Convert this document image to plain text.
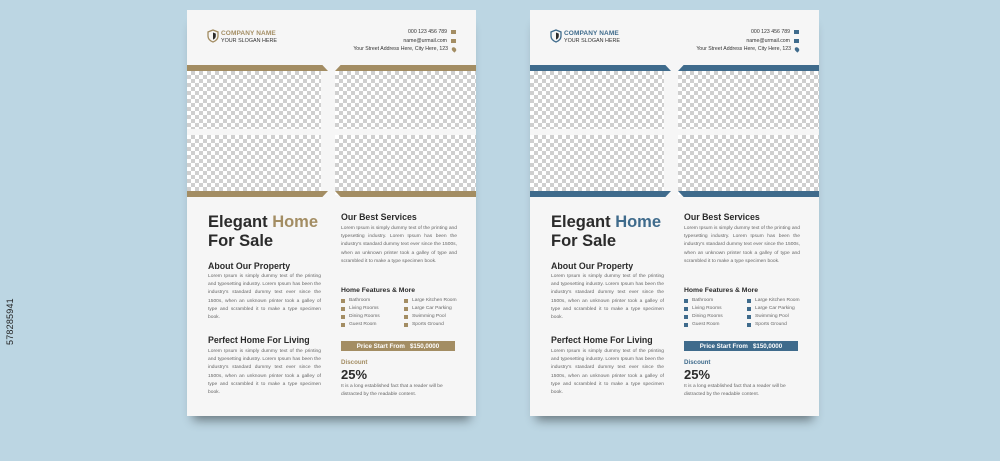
578285941
COMPANY NAME
YOUR SLOGAN HERE
000 123 456 789
name@urmail.com
Your Street Address Here, City Here, 123
Elegant Home
For Sale
About Our Property
Lorem Ipsum is simply dummy text of the printing and typesetting industry. Lorem Ipsum has been the industry's standard dummy text ever since the 1500s, when an unknown printer took a galley of type and scrambled it to make a type specimen book.
Perfect Home For Living
Lorem Ipsum is simply dummy text of the printing and typesetting industry. Lorem Ipsum has been the industry's standard dummy text ever since the 1500s, when an unknown printer took a galley of type and scrambled it to make a type specimen book.
Our Best Services
Lorem Ipsum is simply dummy text of the printing and typesetting industry. Lorem Ipsum has been the industry's standard dummy text ever since the 1500s, when an unknown printer took a galley of type and scrambled it to make a type specimen book.
Home Features & More
Bathroom
Living Rooms
Dining Rooms
Guest Room
Large Kitchen Room
Large Car Parking
Swimming Pool
Sports Ground
Price Start From $150,0000
Discount
25%
It is a long established fact that a reader will be distracted by the readable content.
COMPANY NAME
YOUR SLOGAN HERE
000 123 456 789
name@urmail.com
Your Street Address Here, City Here, 123
Elegant Home
For Sale
About Our Property
Lorem Ipsum is simply dummy text of the printing and typesetting industry. Lorem Ipsum has been the industry's standard dummy text ever since the 1500s, when an unknown printer took a galley of type and scrambled it to make a type specimen book.
Perfect Home For Living
Lorem Ipsum is simply dummy text of the printing and typesetting industry. Lorem Ipsum has been the industry's standard dummy text ever since the 1500s, when an unknown printer took a galley of type and scrambled it to make a type specimen book.
Our Best Services
Lorem Ipsum is simply dummy text of the printing and typesetting industry. Lorem Ipsum has been the industry's standard dummy text ever since the 1500s, when an unknown printer took a galley of type and scrambled it to make a type specimen book.
Home Features & More
Bathroom
Living Rooms
Dining Rooms
Guest Room
Large Kitchen Room
Large Car Parking
Swimming Pool
Sports Ground
Price Start From $150,0000
Discount
25%
It is a long established fact that a reader will be distracted by the readable content.
